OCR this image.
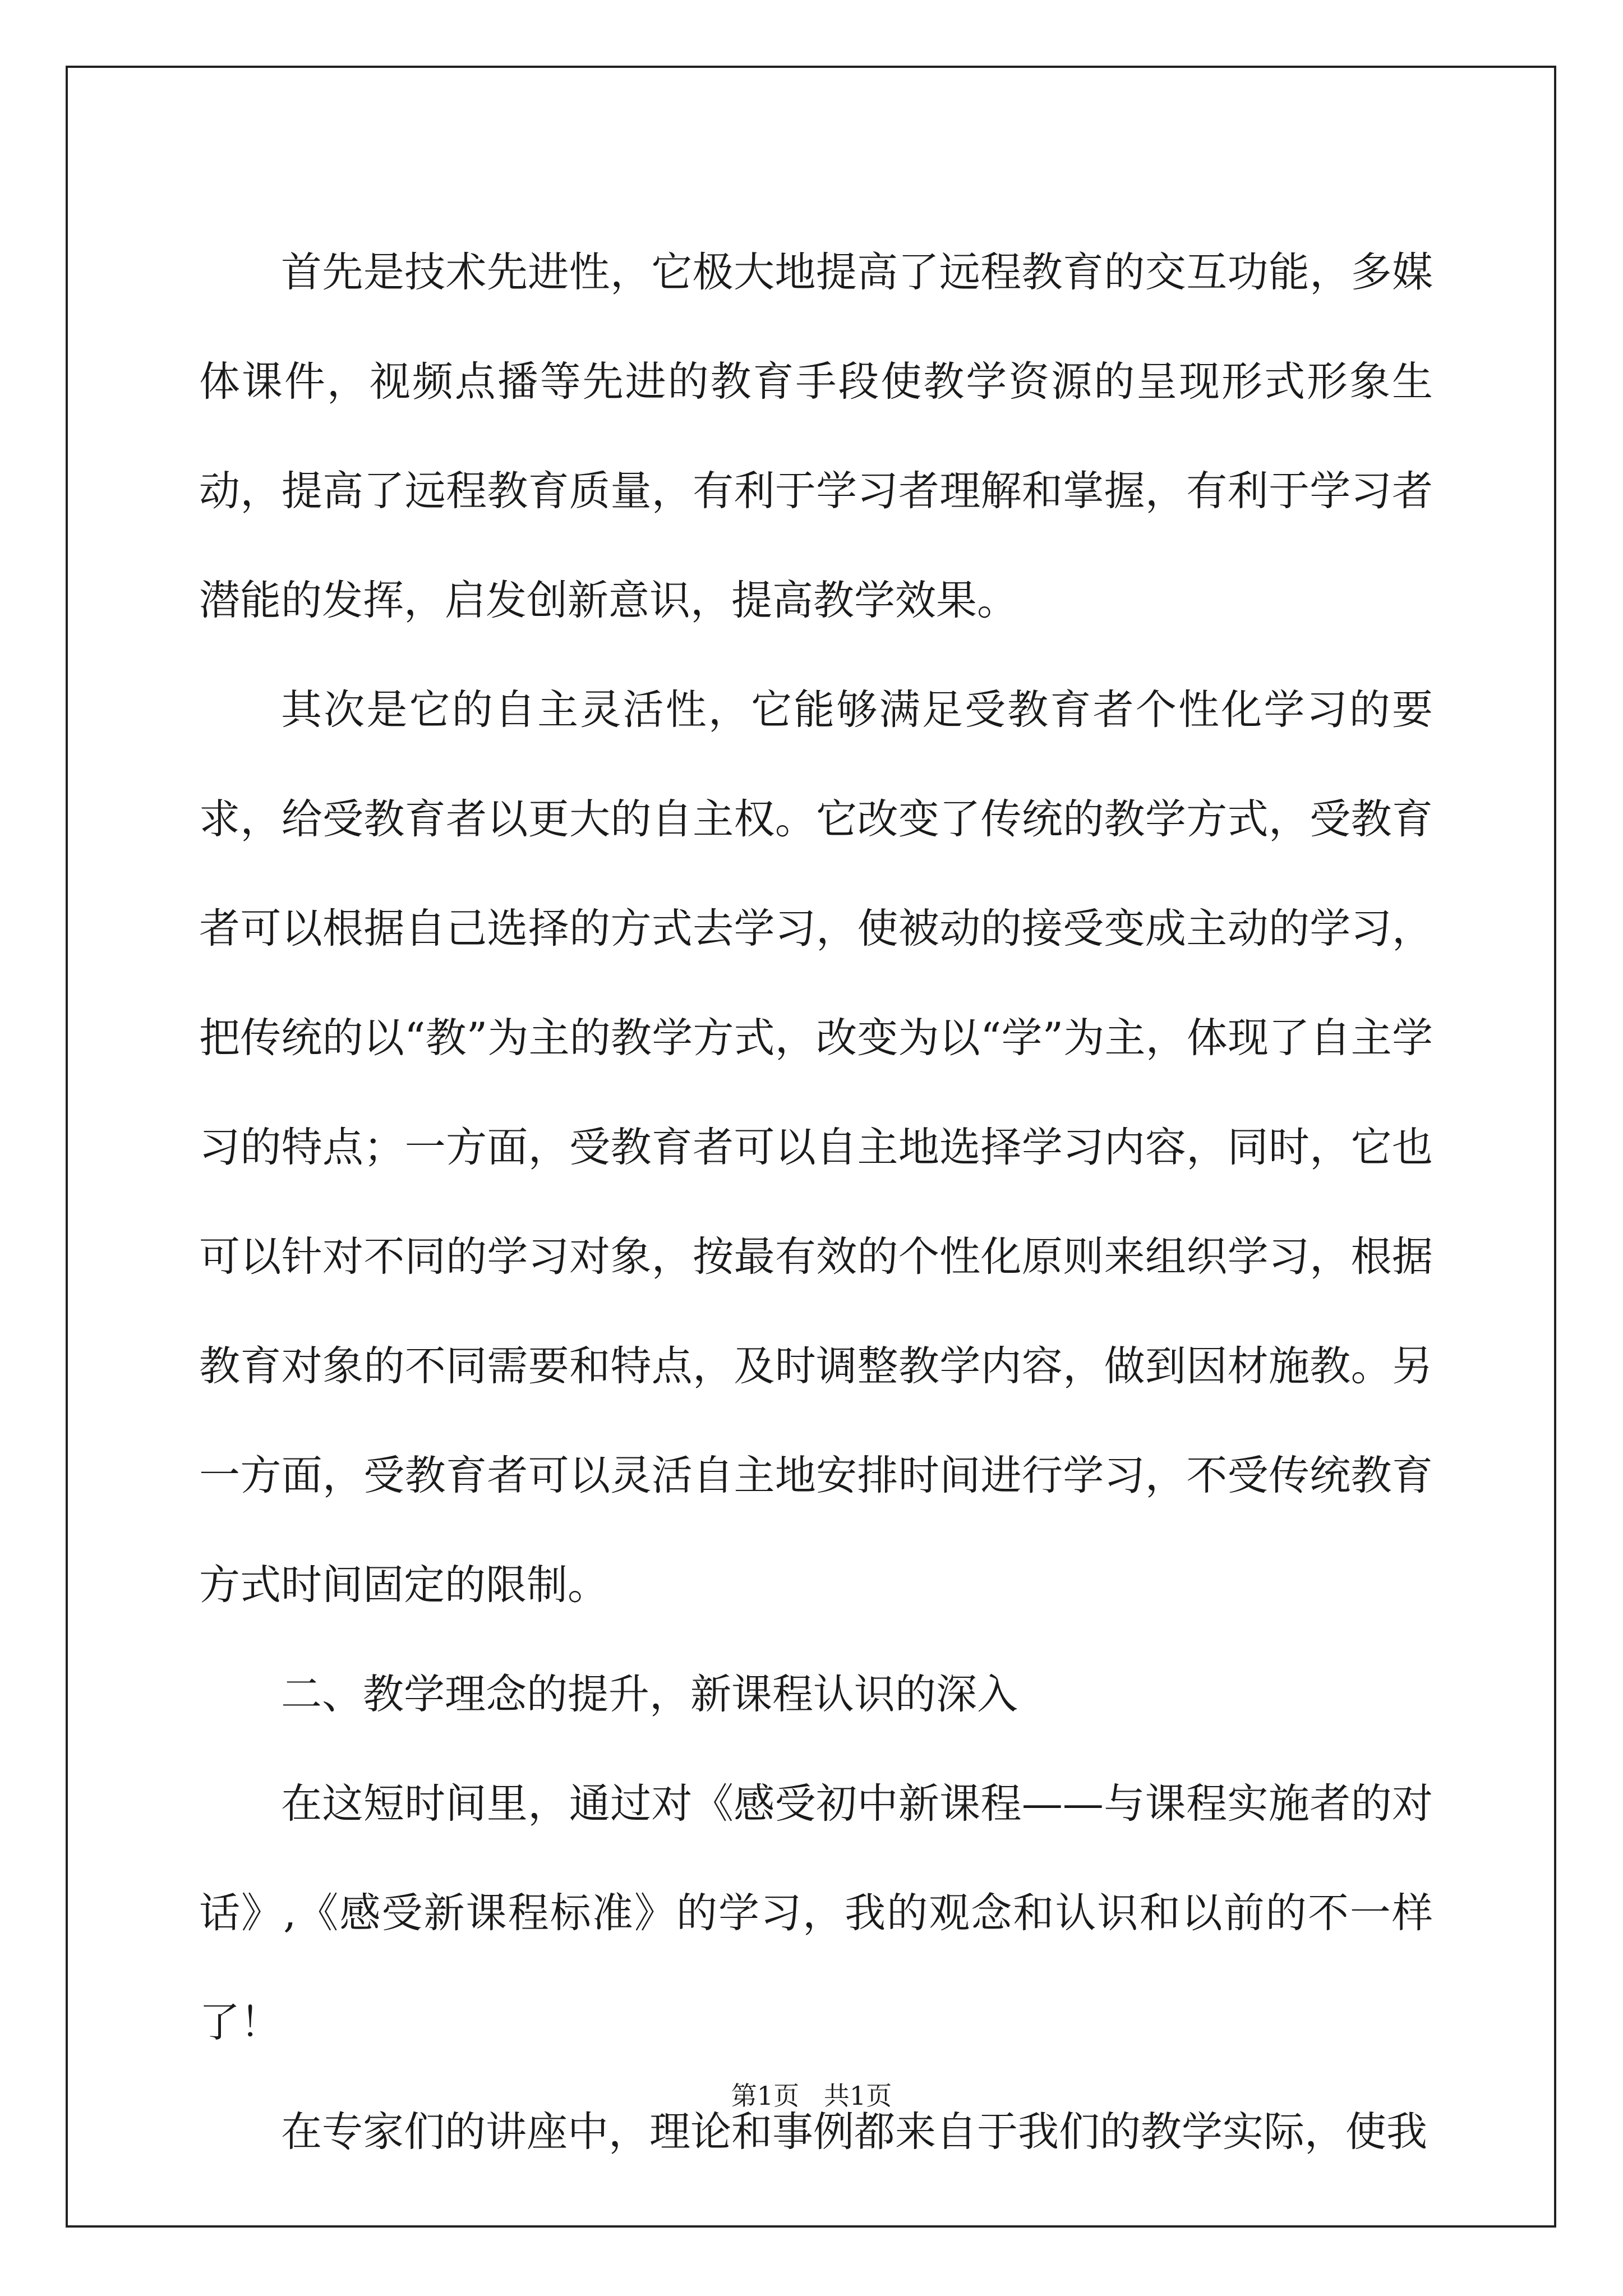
首先是技术先进性，它极大地提高了远程教育的交互功能，多媒体课件，视频点播等先进的教育手段使教学资源的呈现形式形象生动，提高了远程教育质量，有利于学习者理解和掌握，有利于学习者潜能的发挥，启发创新意识，提高教学效果。

其次是它的自主灵活性，它能够满足受教育者个性化学习的要求，给受教育者以更大的自主权。它改变了传统的教学方式，受教育者可以根据自己选择的方式去学习，使被动的接受变成主动的学习，把传统的以“教”为主的教学方式，改变为以“学”为主，体现了自主学习的特点；一方面，受教育者可以自主地选择学习内容，同时，它也可以针对不同的学习对象，按最有效的个性化原则来组织学习，根据教育对象的不同需要和特点，及时调整教学内容，做到因材施教。另一方面，受教育者可以灵活自主地安排时间进行学习，不受传统教育方式时间固定的限制。

二、教学理念的提升，新课程认识的深入

在这短时间里，通过对《感受初中新课程——与课程实施者的对话》,《感受新课程标准》的学习，我的观念和认识和以前的不一样了！

在专家们的讲座中，理论和事例都来自于我们的教学实际，使我

第1页   共1页
